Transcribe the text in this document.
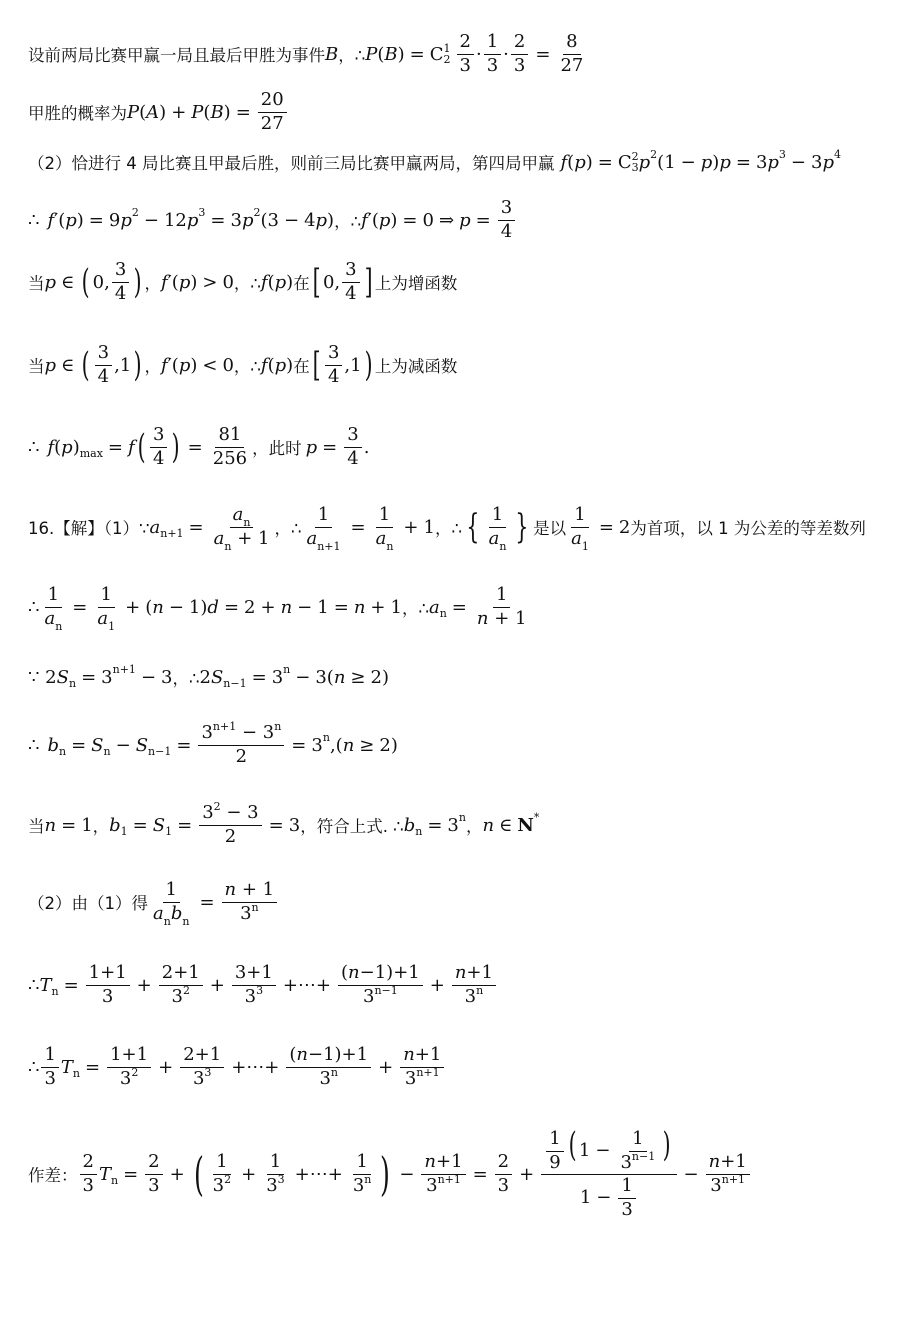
设前两局比赛甲赢一局且最后甲胜为事件 B ，∴ P ( B ) = C 1
$2 \frac{2}{3} \cdot \frac{1}{3} \cdot \frac{2}{3} = \frac{8}{27}$
甲胜的概率为 P ( A ) + P ( B ) = $\frac{20}{27}$
（2）恰进行 4 局比赛且甲最后胜，则前三局比赛甲赢两局，第四局甲赢 f ( p ) = C 2
3 p 2 (1 − p ) p = 3 p 3 − 3 p 4
∴ f ′( p ) = 9 p 2 − 12 p 3 = 3 p 2 (3 − 4 p ) ，∴ f ′( p ) = 0 ⇒ $p = \frac{3}{4}$
当 p ∈ ( 0, $\frac{3}{4}$ ) ， f ′( p ) > 0 ，∴ f ( p ) 在 [ 0, $\frac{3}{4}$ ] 上为增函数
当 p ∈ ( $\frac{3}{4} ,1$ ) ， f ′( p ) < 0 ，∴ f ( p ) 在 [ $\frac{3}{4} ,1$ ) 上为减函数
∴ f ( p ) max = f ( $\frac{3}{4}$ ) = $\frac{81}{256}$ ，此时 $p = \frac{3}{4}$ .
16.【解】（1）∵ a $n+1 = \frac{a_n}{a_n + 1}$ ，∴ $\frac{1}{a_{n+1}} = \frac{1}{a_n} + 1$ ，∴ { $\frac{1}{a_n}$ } 是以 $\frac{1}{a_1} = 2$ 为首项，以 1 为公差的等差数列
∴ $\frac{1}{a_n} = \frac{1}{a_1}$ + ( n − 1) d = 2 + n − 1 = n + 1 ，∴ a $n = \frac{1}{n + 1}$
∵ 2 S n = 3 n+1 − 3 ，∴ 2 S n−1 = 3 n − 3( n ≥ 2)
∴ b n = S n − S $n-1 = \frac{3^{n+1} - 3^n}{2} = 3$ n ,( n ≥ 2)
当 n = 1 ， b 1 = S $1 = \frac{3^2 - 3}{2} = 3$ ，符合上式. ∴ b n = 3 n ， n ∈ N *
（2）由（1）得 $\frac{1}{a_nb_n} = \frac{n + 1}{3^n}$
∴ T $n = \frac{1+1}{3} + \frac{2+1}{3^2} + \frac{3+1}{3^3}$ +⋯+ $\frac{(n-1)+1}{3^{n-1}} + \frac{n+1}{3^n}$
∴ $\frac{1}{3}$ T $n = \frac{1+1}{3^2} + \frac{2+1}{3^3}$ +⋯+ $\frac{(n-1)+1}{3^n} + \frac{n+1}{3^{n+1}}$
作差： $\frac{2}{3}$ T $n = \frac{2}{3}$ + ( $\frac{1}{3^2} + \frac{1}{3^3}$ +⋯+ $\frac{1}{3^n}$ ) − $\frac{n+1}{3^{n+1}} = \frac{2}{3} + \frac{\frac{1}{9} ( 1 - \frac{1}{3^{n-1}} )}{1 - \frac{1}{3}} - \frac{n+1}{3^{n+1}}$
